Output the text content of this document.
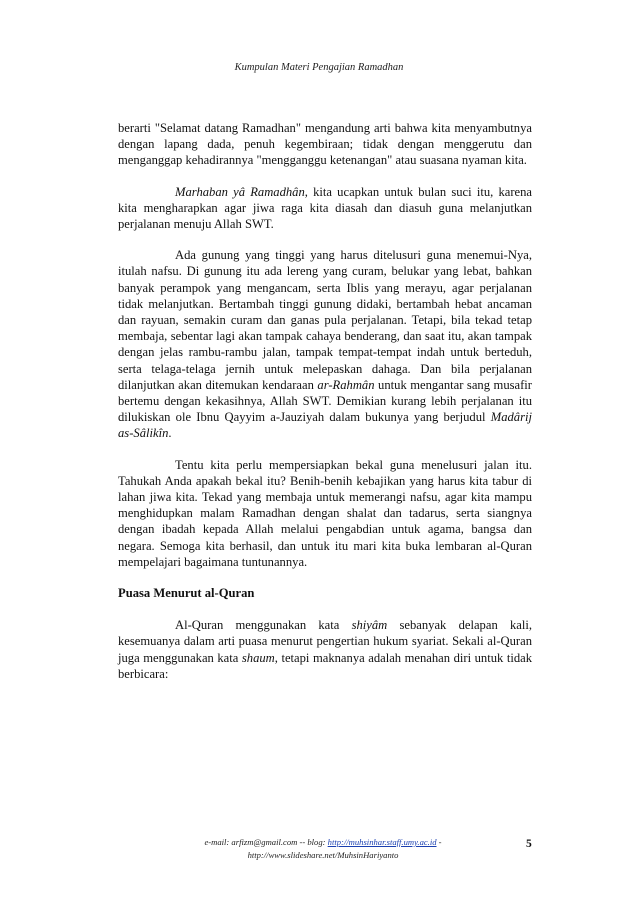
Kumpulan Materi Pengajian Ramadhan

berarti "Selamat datang Ramadhan" mengandung arti bahwa kita menyambutnya dengan lapang dada, penuh kegembiraan; tidak dengan menggerutu dan menganggap kehadirannya "mengganggu ketenangan" atau suasana nyaman kita.

Marhaban yâ Ramadhân, kita ucapkan untuk bulan suci itu, karena kita mengharapkan agar jiwa raga kita diasah dan diasuh guna melanjutkan perjalanan menuju Allah SWT.

Ada gunung yang tinggi yang harus ditelusuri guna menemui-Nya, itulah nafsu. Di gunung itu ada lereng yang curam, belukar yang lebat, bahkan banyak perampok yang mengancam, serta Iblis yang merayu, agar perjalanan tidak melanjutkan. Bertambah tinggi gunung didaki, bertambah hebat ancaman dan rayuan, semakin curam dan ganas pula perjalanan. Tetapi, bila tekad tetap membaja, sebentar lagi akan tampak cahaya benderang, dan saat itu, akan tampak dengan jelas rambu-rambu jalan, tampak tempat-tempat indah untuk berteduh, serta telaga-telaga jernih untuk melepaskan dahaga. Dan bila perjalanan dilanjutkan akan ditemukan kendaraan ar-Rahmân untuk mengantar sang musafir bertemu dengan kekasihnya, Allah SWT. Demikian kurang lebih perjalanan itu dilukiskan ole Ibnu Qayyim a-Jauziyah dalam bukunya yang berjudul Madârij as-Sâlikîn.

Tentu kita perlu mempersiapkan bekal guna menelusuri jalan itu. Tahukah Anda apakah bekal itu? Benih-benih kebajikan yang harus kita tabur di lahan jiwa kita. Tekad yang membaja untuk memerangi nafsu, agar kita mampu menghidupkan malam Ramadhan dengan shalat dan tadarus, serta siangnya dengan ibadah kepada Allah melalui pengabdian untuk agama, bangsa dan negara. Semoga kita berhasil, dan untuk itu mari kita buka lembaran al-Quran mempelajari bagaimana tuntunannya.

Puasa Menurut al-Quran

Al-Quran menggunakan kata shiyâm sebanyak delapan kali, kesemuanya dalam arti puasa menurut pengertian hukum syariat. Sekali al-Quran juga menggunakan kata shaum, tetapi maknanya adalah menahan diri untuk tidak berbicara:

e-mail: arfizm@gmail.com -- blog: http://muhsinhar.staff.umy.ac.id -
http://www.slideshare.net/MuhsinHariyanto
5
